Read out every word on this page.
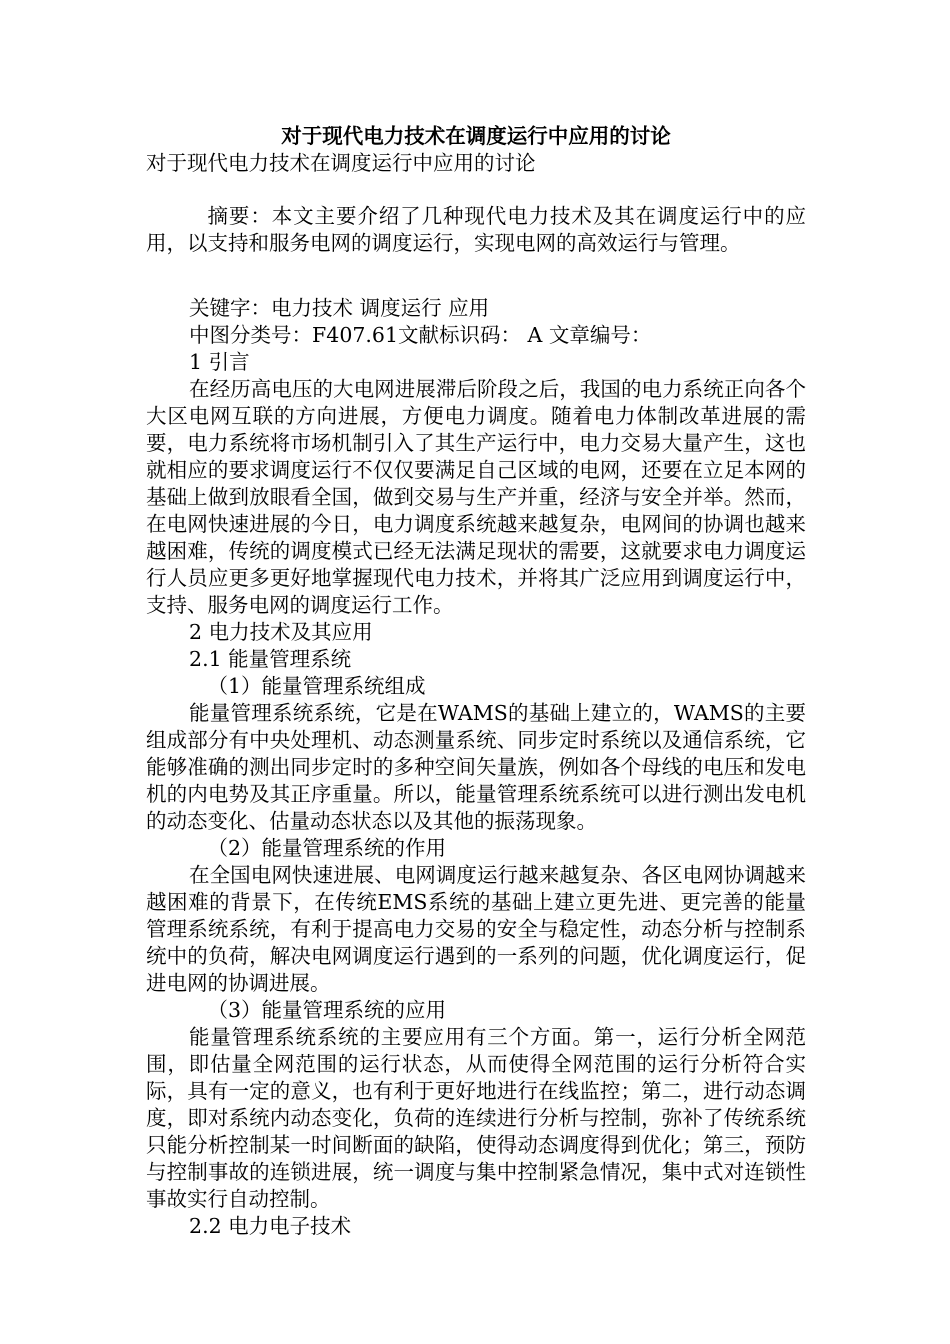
对于现代电力技术在调度运行中应用的讨论

对于现代电力技术在调度运行中应用的讨论

摘要：本文主要介绍了几种现代电力技术及其在调度运行中的应用，以支持和服务电网的调度运行，实现电网的高效运行与管理。

关键字：电力技术 调度运行 应用

中图分类号：F407.61文献标识码： A 文章编号：

1 引言

在经历高电压的大电网进展滞后阶段之后，我国的电力系统正向各个大区电网互联的方向进展，方便电力调度。随着电力体制改革进展的需要，电力系统将市场机制引入了其生产运行中，电力交易大量产生，这也就相应的要求调度运行不仅仅要满足自己区域的电网，还要在立足本网的基础上做到放眼看全国，做到交易与生产并重，经济与安全并举。然而，在电网快速进展的今日，电力调度系统越来越复杂，电网间的协调也越来越困难，传统的调度模式已经无法满足现状的需要，这就要求电力调度运行人员应更多更好地掌握现代电力技术，并将其广泛应用到调度运行中，支持、服务电网的调度运行工作。

2 电力技术及其应用

2.1 能量管理系统

（1）能量管理系统组成

能量管理系统系统，它是在WAMS的基础上建立的，WAMS的主要组成部分有中央处理机、动态测量系统、同步定时系统以及通信系统，它能够准确的测出同步定时的多种空间矢量族，例如各个母线的电压和发电机的内电势及其正序重量。所以，能量管理系统系统可以进行测出发电机的动态变化、估量动态状态以及其他的振荡现象。

（2）能量管理系统的作用

在全国电网快速进展、电网调度运行越来越复杂、各区电网协调越来越困难的背景下，在传统EMS系统的基础上建立更先进、更完善的能量管理系统系统，有利于提高电力交易的安全与稳定性，动态分析与控制系统中的负荷，解决电网调度运行遇到的一系列的问题，优化调度运行，促进电网的协调进展。

（3）能量管理系统的应用

能量管理系统系统的主要应用有三个方面。第一，运行分析全网范围，即估量全网范围的运行状态，从而使得全网范围的运行分析符合实际，具有一定的意义，也有利于更好地进行在线监控；第二，进行动态调度，即对系统内动态变化，负荷的连续进行分析与控制，弥补了传统系统只能分析控制某一时间断面的缺陷，使得动态调度得到优化；第三，预防与控制事故的连锁进展，统一调度与集中控制紧急情况，集中式对连锁性事故实行自动控制。

2.2 电力电子技术
